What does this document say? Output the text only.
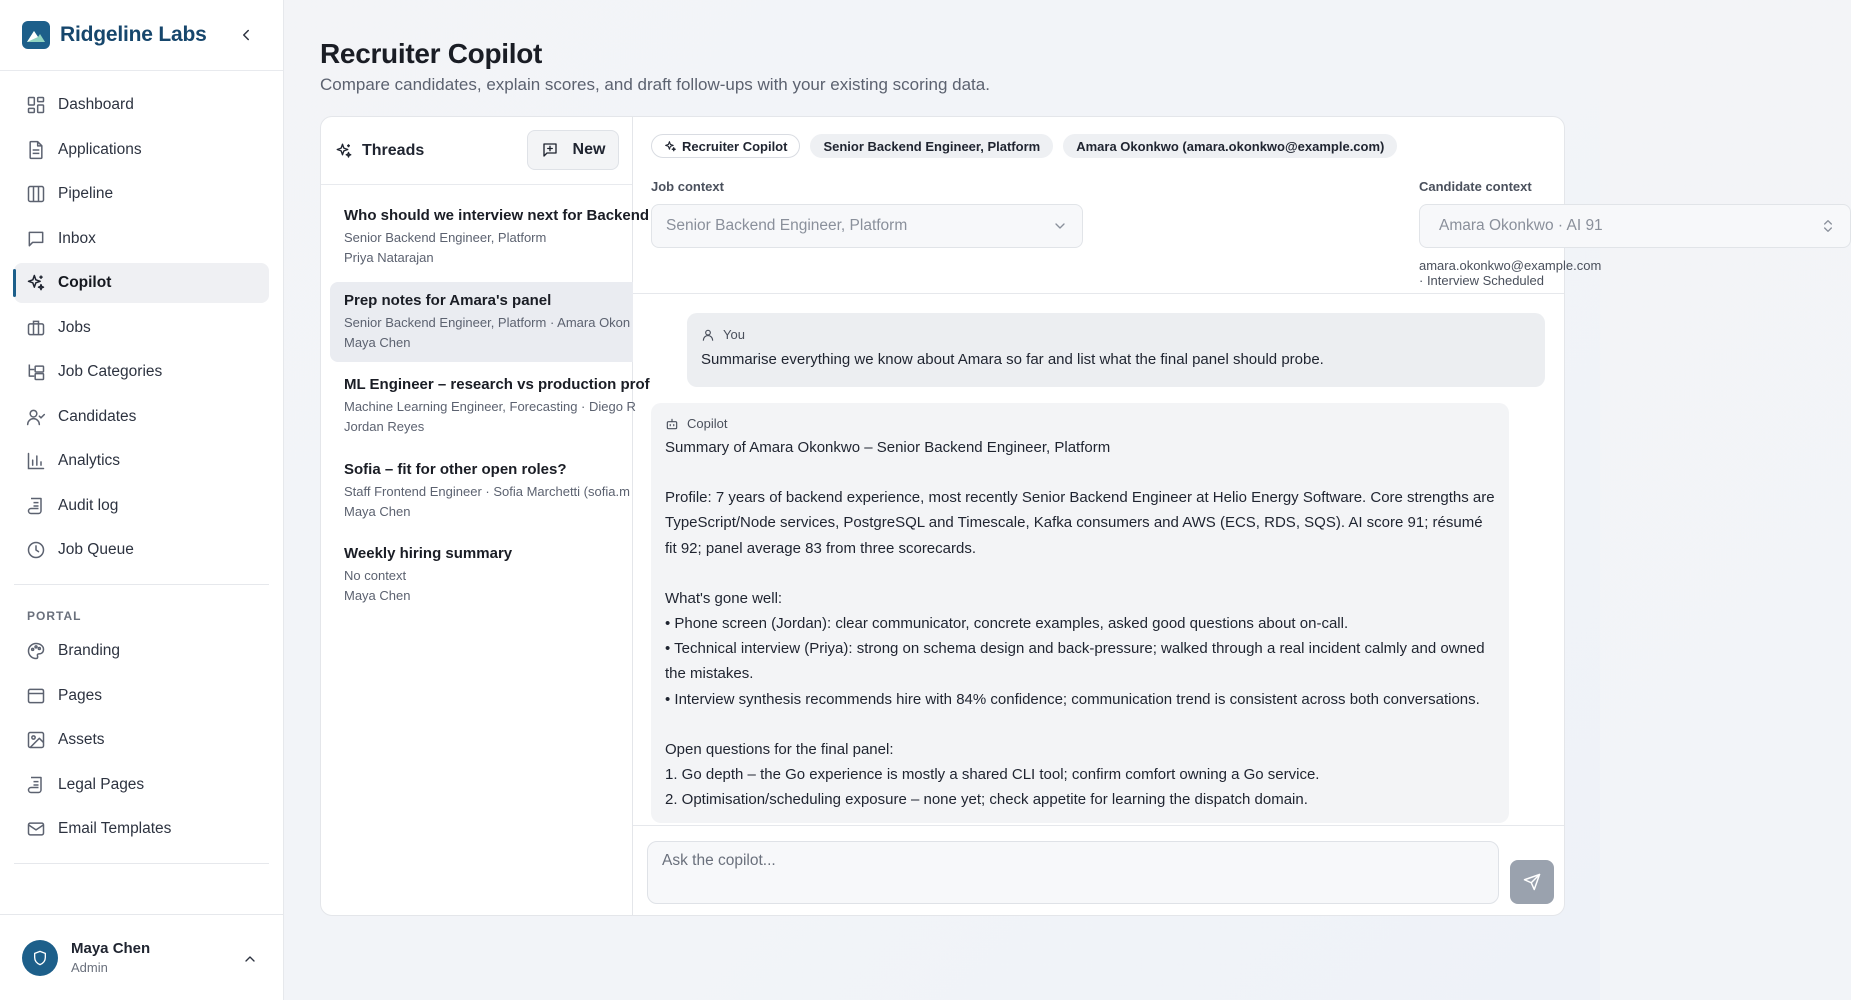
Ridgeline Labs
Dashboard
Applications
Pipeline
Inbox
Copilot
Jobs
Job Categories
Candidates
Analytics
Audit log
Job Queue
PORTAL
Branding
Pages
Assets
Legal Pages
Email Templates
Maya Chen
Admin
Recruiter Copilot

Compare candidates, explain scores, and draft follow-ups with your existing scoring data.

Threads	New
Who should we interview next for Backend
Senior Backend Engineer, Platform
Priya Natarajan
Prep notes for Amara's panel
Senior Backend Engineer, Platform · Amara Okon
Maya Chen
ML Engineer – research vs production prof
Machine Learning Engineer, Forecasting · Diego R
Jordan Reyes
Sofia – fit for other open roles?
Staff Frontend Engineer · Sofia Marchetti (sofia.m
Maya Chen
Weekly hiring summary
No context
Maya Chen
Recruiter Copilot	Senior Backend Engineer, Platform	Amara Okonkwo (amara.okonkwo@example.com)
Job context
Senior Backend Engineer, Platform
Candidate context
Amara Okonkwo · AI 91
amara.okonkwo@example.com · Interview Scheduled
You
Summarise everything we know about Amara so far and list what the final panel should probe.
Copilot
Summary of Amara Okonkwo – Senior Backend Engineer, Platform
Profile: 7 years of backend experience, most recently Senior Backend Engineer at Helio Energy Software. Core strengths are TypeScript/Node services, PostgreSQL and Timescale, Kafka consumers and AWS (ECS, RDS, SQS). AI score 91; résumé fit 92; panel average 83 from three scorecards.
What's gone well:
• Phone screen (Jordan): clear communicator, concrete examples, asked good questions about on-call.
• Technical interview (Priya): strong on schema design and back-pressure; walked through a real incident calmly and owned the mistakes.
• Interview synthesis recommends hire with 84% confidence; communication trend is consistent across both conversations.
Open questions for the final panel:
1. Go depth – the Go experience is mostly a shared CLI tool; confirm comfort owning a Go service.
2. Optimisation/scheduling exposure – none yet; check appetite for learning the dispatch domain.
Ask the copilot...
